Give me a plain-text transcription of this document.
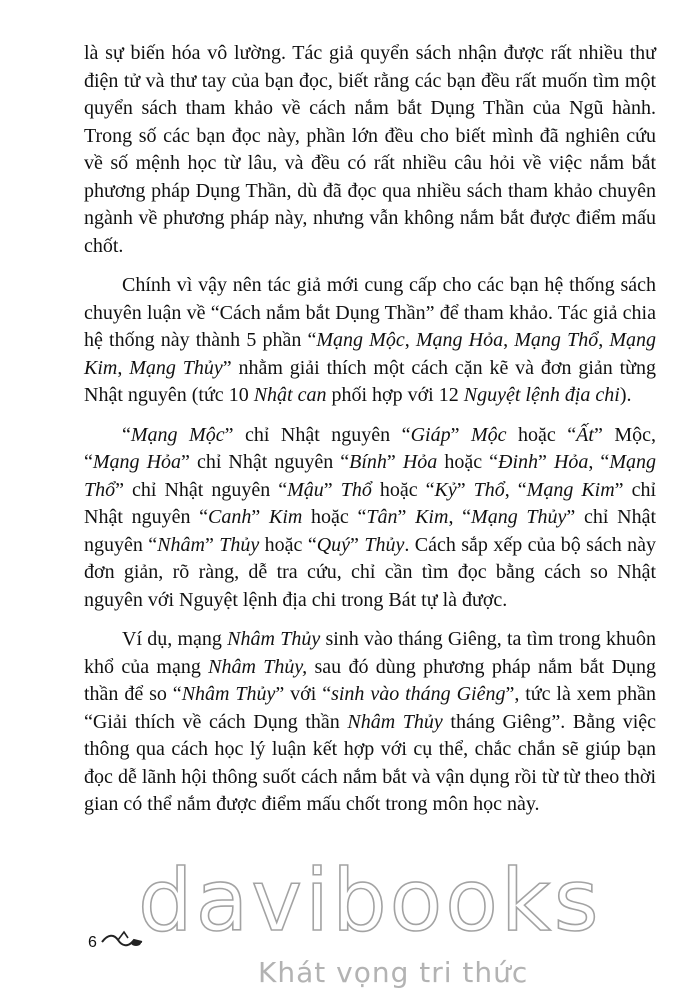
là sự biến hóa vô lường. Tác giả quyển sách nhận được rất nhiều thư điện tử và thư tay của bạn đọc, biết rằng các bạn đều rất muốn tìm một quyển sách tham khảo về cách nắm bắt Dụng Thần của Ngũ hành. Trong số các bạn đọc này, phần lớn đều cho biết mình đã nghiên cứu về số mệnh học từ lâu, và đều có rất nhiều câu hỏi về việc nắm bắt phương pháp Dụng Thần, dù đã đọc qua nhiều sách tham khảo chuyên ngành về phương pháp này, nhưng vẫn không nắm bắt được điểm mấu chốt.

Chính vì vậy nên tác giả mới cung cấp cho các bạn hệ thống sách chuyên luận về “Cách nắm bắt Dụng Thần” để tham khảo. Tác giả chia hệ thống này thành 5 phần “Mạng Mộc, Mạng Hỏa, Mạng Thổ, Mạng Kim, Mạng Thủy” nhằm giải thích một cách cặn kẽ và đơn giản từng Nhật nguyên (tức 10 Nhật can phối hợp với 12 Nguyệt lệnh địa chi).

“Mạng Mộc” chỉ Nhật nguyên “Giáp” Mộc hoặc “Ất” Mộc, “Mạng Hỏa” chỉ Nhật nguyên “Bính” Hỏa hoặc “Đinh” Hỏa, “Mạng Thổ” chỉ Nhật nguyên “Mậu” Thổ hoặc “Kỷ” Thổ, “Mạng Kim” chỉ Nhật nguyên “Canh” Kim hoặc “Tân” Kim, “Mạng Thủy” chỉ Nhật nguyên “Nhâm” Thủy hoặc “Quý” Thủy. Cách sắp xếp của bộ sách này đơn giản, rõ ràng, dễ tra cứu, chỉ cần tìm đọc bằng cách so Nhật nguyên với Nguyệt lệnh địa chi trong Bát tự là được.

Ví dụ, mạng Nhâm Thủy sinh vào tháng Giêng, ta tìm trong khuôn khổ của mạng Nhâm Thủy, sau đó dùng phương pháp nắm bắt Dụng thần để so “Nhâm Thủy” với “sinh vào tháng Giêng”, tức là xem phần “Giải thích về cách Dụng thần Nhâm Thủy tháng Giêng”. Bằng việc thông qua cách học lý luận kết hợp với cụ thể, chắc chắn sẽ giúp bạn đọc dễ lãnh hội thông suốt cách nắm bắt và vận dụng rồi từ từ theo thời gian có thể nắm được điểm mấu chốt trong môn học này.

6 davibooks
Khát vọng tri thức
